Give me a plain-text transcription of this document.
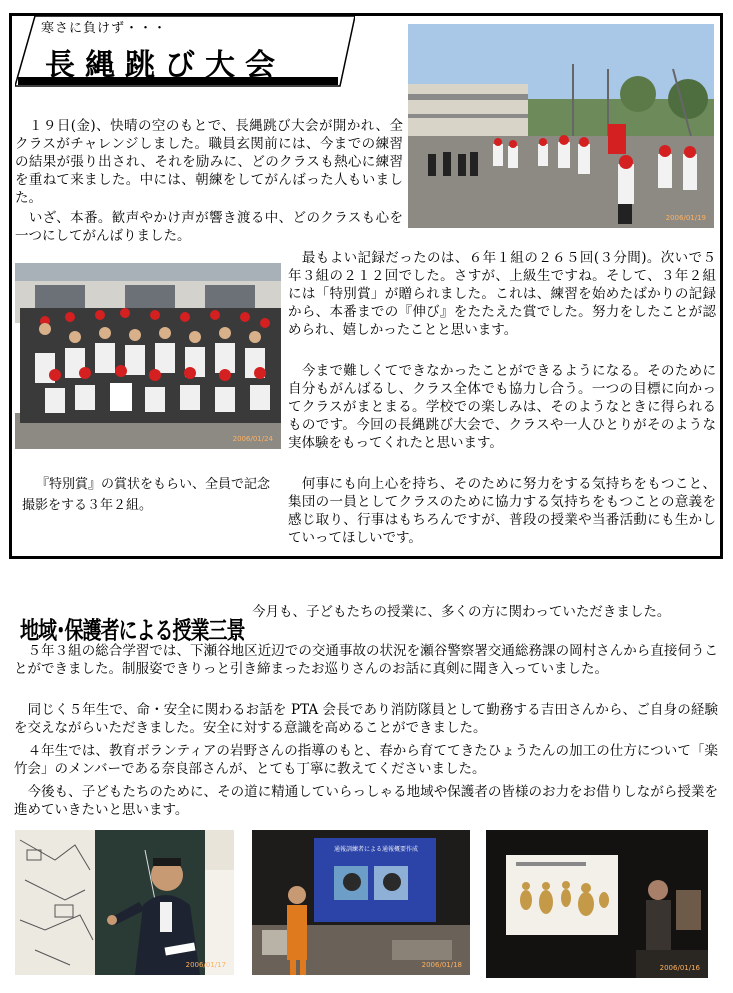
寒さに負けず・・・
長縄跳び大会
2006/01/19
　１９日(金)、快晴の空のもとで、長縄跳び大会が開かれ、全クラスがチャレンジしました。職員玄関前には、今までの練習の結果が張り出され、それを励みに、どのクラスも熱心に練習を重ねて来ました。中には、朝練をしてがんばった人もいました。
　いざ、本番。歓声やかけ声が響き渡る中、どのクラスも心を一つにしてがんばりました。
2006/01/24
『特別賞』の賞状をもらい、全員で記念撮影をする３年２組。
　最もよい記録だったのは、６年１組の２６５回(３分間)。次いで５年３組の２１２回でした。さすが、上級生ですね。そして、３年２組には「特別賞」が贈られました。これは、練習を始めたばかりの記録から、本番までの『伸び』をたたえた賞でした。努力をしたことが認められ、嬉しかったことと思います。
　今まで難しくてできなかったことができるようになる。そのために自分もがんばるし、クラス全体でも協力し合う。一つの目標に向かってクラスがまとまる。学校での楽しみは、そのようなときに得られるものです。今回の長縄跳び大会で、クラスや一人ひとりがそのような実体験をもってくれたと思います。
　何事にも向上心を持ち、そのために努力をする気持ちをもつこと、集団の一員としてクラスのために協力する気持ちをもつことの意義を感じ取り、行事はもちろんですが、普段の授業や当番活動にも生かしていってほしいです。
地域･保護者による授業三景
今月も、子どもたちの授業に、多くの方に関わっていただきました。
　５年３組の総合学習では、下瀬谷地区近辺での交通事故の状況を瀬谷警察署交通総務課の岡村さんから直接伺うことができました。制服姿できりっと引き締まったお巡りさんのお話に真剣に聞き入っていました。
　同じく５年生で、命・安全に関わるお話を PTA 会長であり消防隊員として勤務する吉田さんから、ご自身の経験を交えながらいただきました。安全に対する意識を高めることができました。
　４年生では、教育ボランティアの岩野さんの指導のもと、春から育ててきたひょうたんの加工の仕方について「楽竹会」のメンバーである奈良部さんが、とても丁寧に教えてくださいました。
　今後も、子どもたちのために、その道に精通していらっしゃる地域や保護者の皆様のお力をお借りしながら授業を進めていきたいと思います。
2006/01/17
通報訓練者による通報概要作成
2006/01/18	2006/01/16
